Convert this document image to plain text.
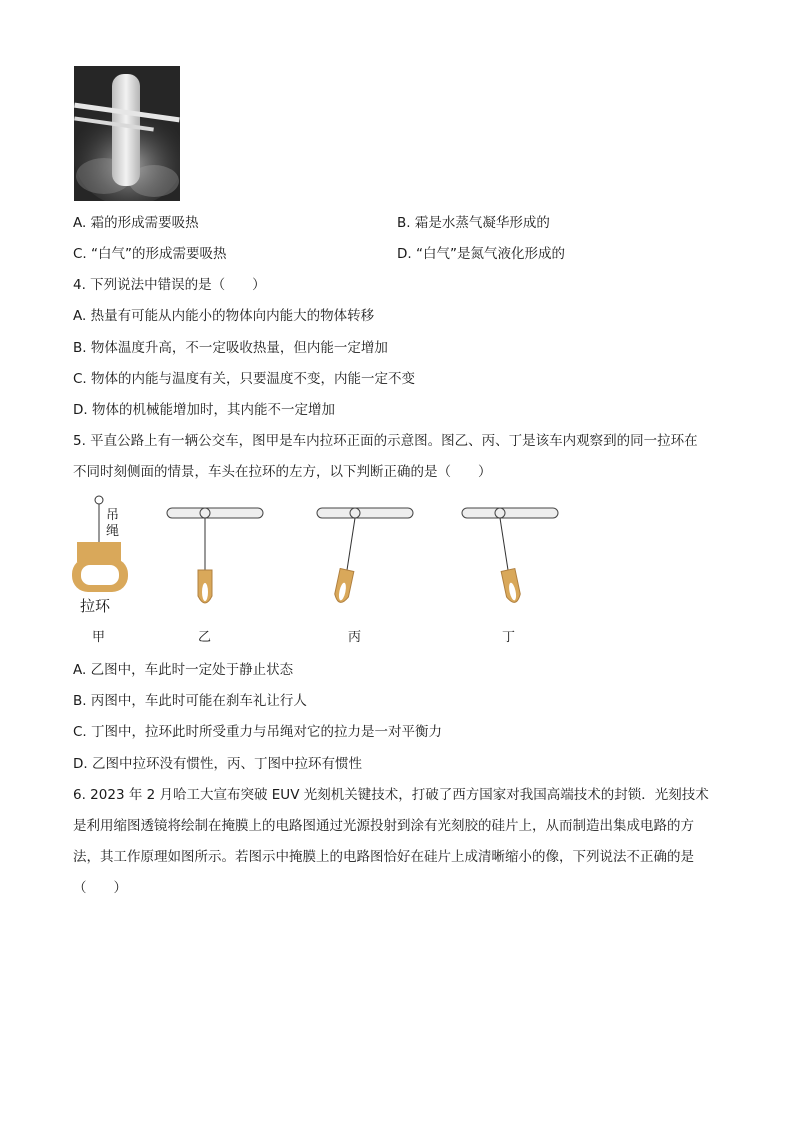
A. 霜的形成需要吸热	B. 霜是水蒸气凝华形成的
C. “白气”的形成需要吸热	D. “白气”是氮气液化形成的
4. 下列说法中错误的是（　　）
A. 热量有可能从内能小的物体向内能大的物体转移
B. 物体温度升高，不一定吸收热量，但内能一定增加
C. 物体的内能与温度有关，只要温度不变，内能一定不变
D. 物体的机械能增加时，其内能不一定增加
5. 平直公路上有一辆公交车，图甲是车内拉环正面的示意图。图乙、丙、丁是该车内观察到的同一拉环在
不同时刻侧面的情景，车头在拉环的左方，以下判断正确的是（　　）
吊
绳
拉环
甲	乙	丙	丁
A. 乙图中，车此时一定处于静止状态
B. 丙图中，车此时可能在刹车礼让行人
C. 丁图中，拉环此时所受重力与吊绳对它的拉力是一对平衡力
D. 乙图中拉环没有惯性，丙、丁图中拉环有惯性
6. 2023 年 2 月哈工大宣布突破 EUV 光刻机关键技术，打破了西方国家对我国高端技术的封锁．光刻技术
是利用缩图透镜将绘制在掩膜上的电路图通过光源投射到涂有光刻胶的硅片上，从而制造出集成电路的方
法，其工作原理如图所示。若图示中掩膜上的电路图恰好在硅片上成清晰缩小的像，下列说法不正确的是
（　　）
